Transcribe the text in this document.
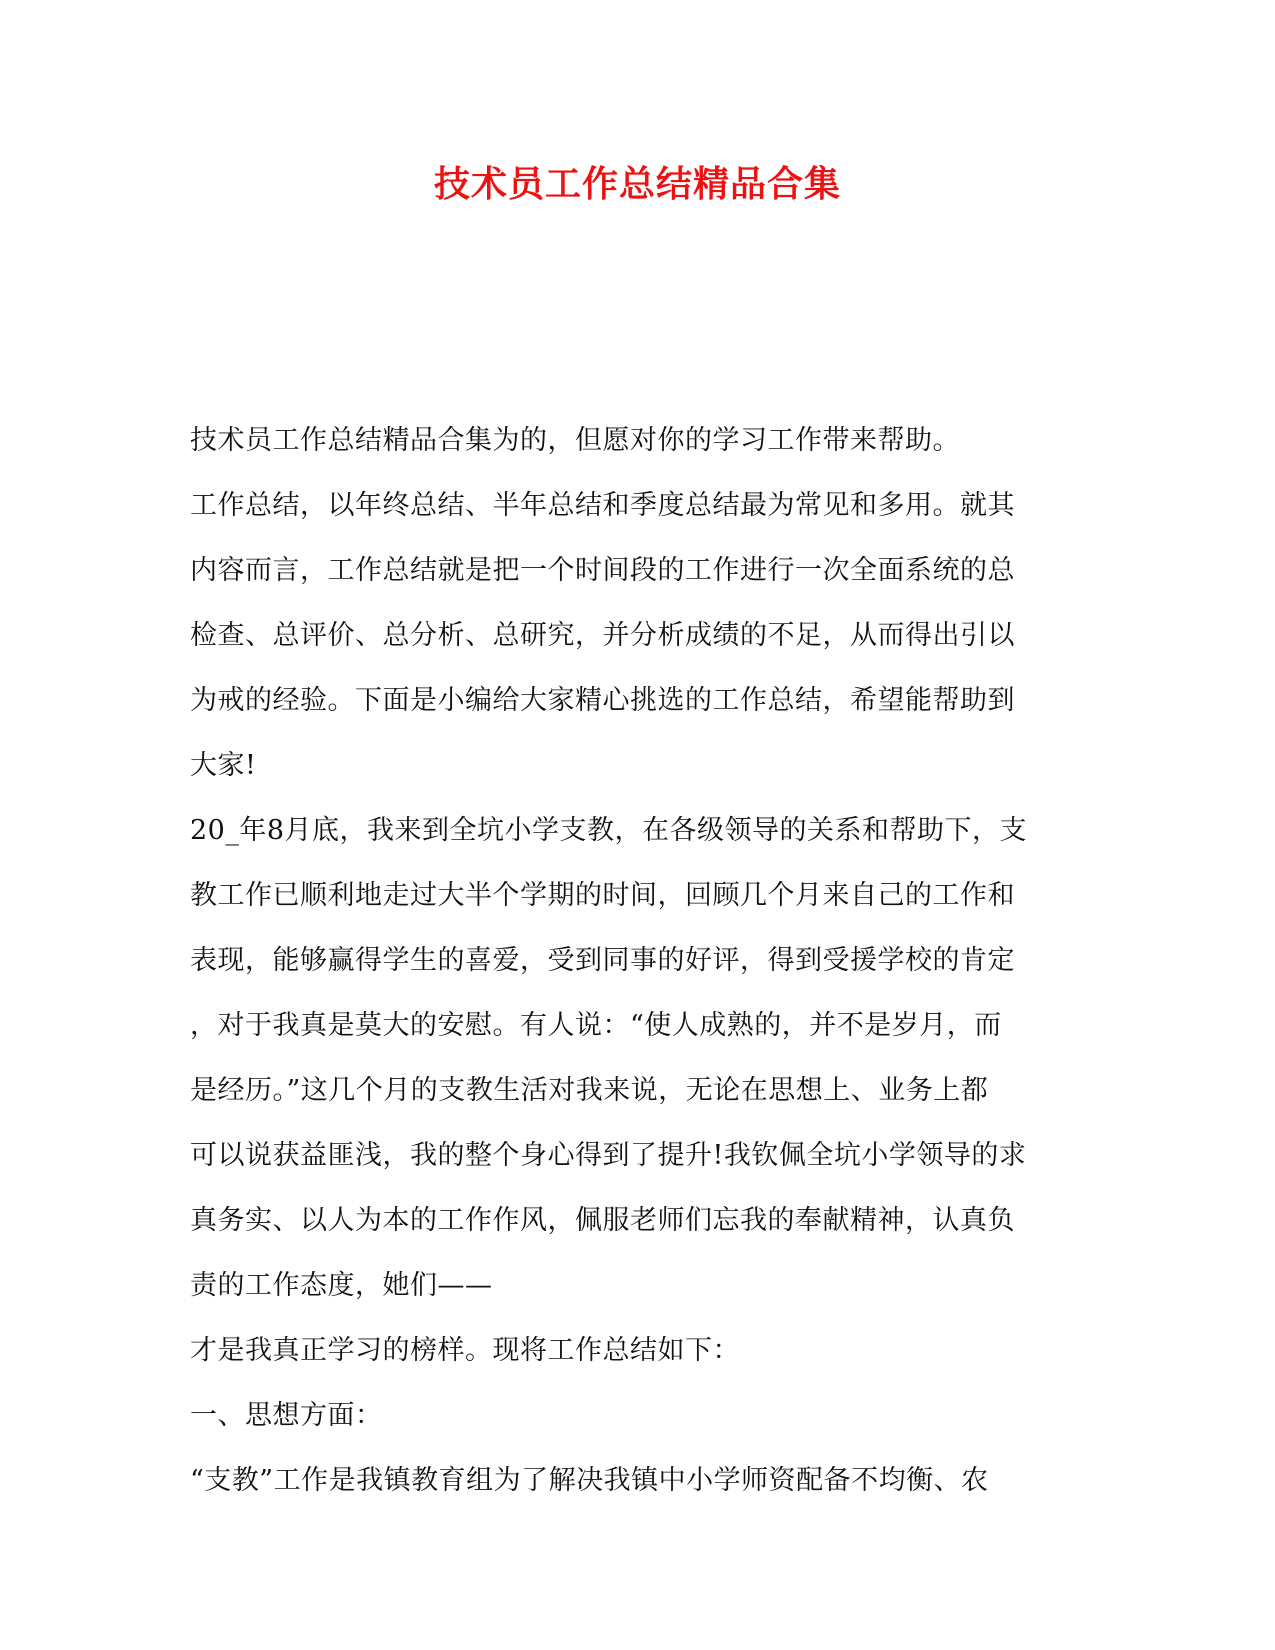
技术员工作总结精品合集
技术员工作总结精品合集为的，但愿对你的学习工作带来帮助。
工作总结，以年终总结、半年总结和季度总结最为常见和多用。就其
内容而言，工作总结就是把一个时间段的工作进行一次全面系统的总
检查、总评价、总分析、总研究，并分析成绩的不足，从而得出引以
为戒的经验。下面是小编给大家精心挑选的工作总结，希望能帮助到
大家!
20_年8月底，我来到全坑小学支教，在各级领导的关系和帮助下，支
教工作已顺利地走过大半个学期的时间，回顾几个月来自己的工作和
表现，能够赢得学生的喜爱，受到同事的好评，得到受援学校的肯定
，对于我真是莫大的安慰。有人说：“使人成熟的，并不是岁月，而
是经历。”这几个月的支教生活对我来说，无论在思想上、业务上都
可以说获益匪浅，我的整个身心得到了提升!我钦佩全坑小学领导的求
真务实、以人为本的工作作风，佩服老师们忘我的奉献精神，认真负
责的工作态度，她们——
才是我真正学习的榜样。现将工作总结如下：
一、思想方面：
“支教”工作是我镇教育组为了解决我镇中小学师资配备不均衡、农
